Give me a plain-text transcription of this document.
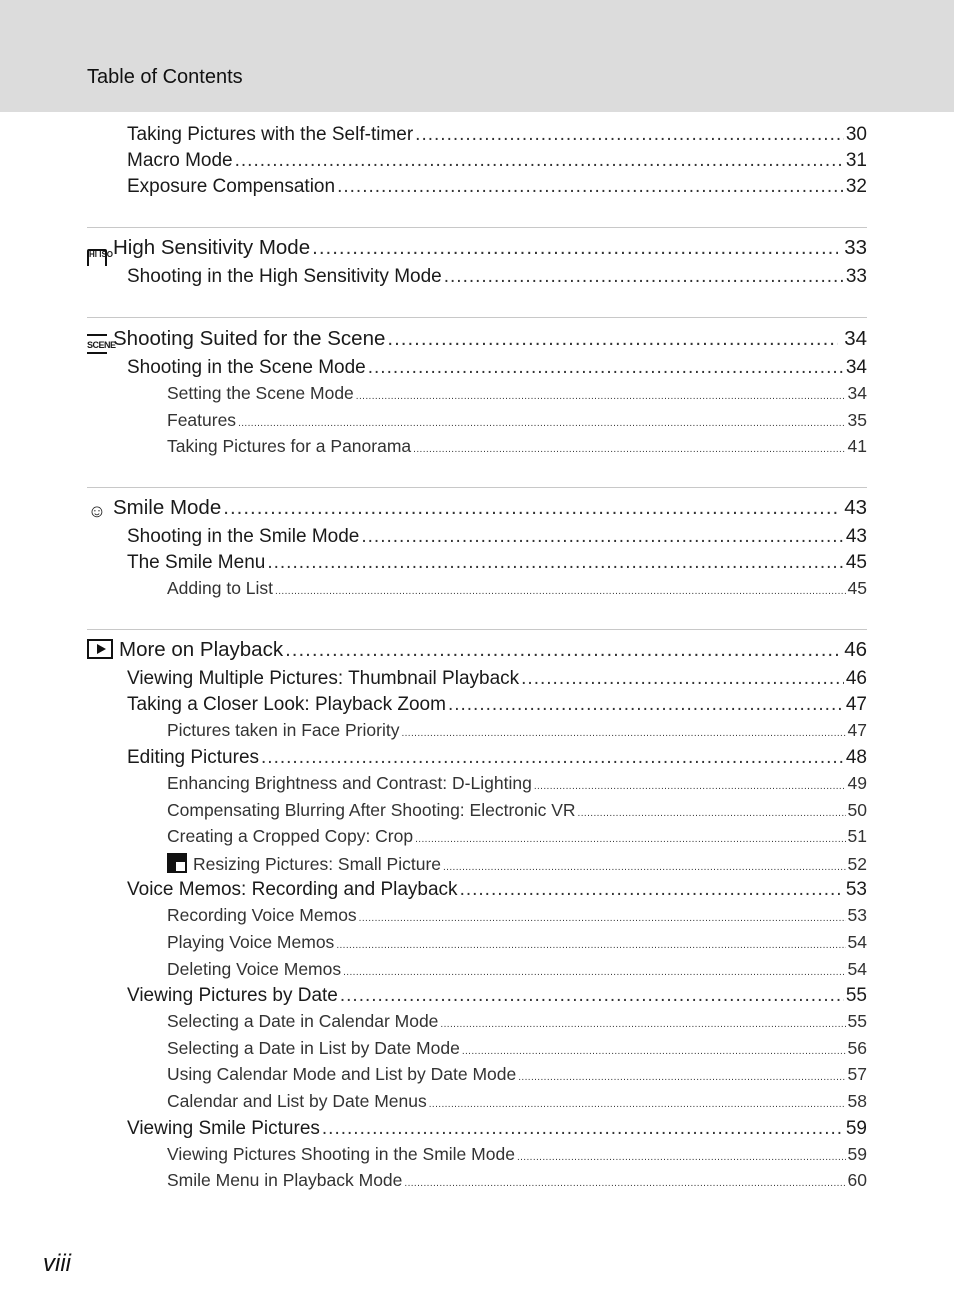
Table of Contents
Taking Pictures with the Self-timer .....	30
Macro Mode .....	31
Exposure Compensation .....	32
HI ISOHigh Sensitivity Mode .....	33
Shooting in the High Sensitivity Mode .....	33
SCENEShooting Suited for the Scene .....	34
Shooting in the Scene Mode .....	34
Setting the Scene Mode .....	34
Features .....	35
Taking Pictures for a Panorama .....	41
☺ Smile Mode .....	43
Shooting in the Smile Mode .....	43
The Smile Menu .....	45
Adding to List .....	45
More on Playback .....	46
Viewing Multiple Pictures: Thumbnail Playback .....	46
Taking a Closer Look: Playback Zoom .....	47
Pictures taken in Face Priority .....	47
Editing Pictures .....	48
Enhancing Brightness and Contrast: D-Lighting .....	49
Compensating Blurring After Shooting: Electronic VR .....	50
Creating a Cropped Copy: Crop .....	51
Resizing Pictures: Small Picture .....	52
Voice Memos: Recording and Playback .....	53
Recording Voice Memos .....	53
Playing Voice Memos .....	54
Deleting Voice Memos .....	54
Viewing Pictures by Date .....	55
Selecting a Date in Calendar Mode .....	55
Selecting a Date in List by Date Mode .....	56
Using Calendar Mode and List by Date Mode .....	57
Calendar and List by Date Menus .....	58
Viewing Smile Pictures .....	59
Viewing Pictures Shooting in the Smile Mode .....	59
Smile Menu in Playback Mode .....	60
viii
